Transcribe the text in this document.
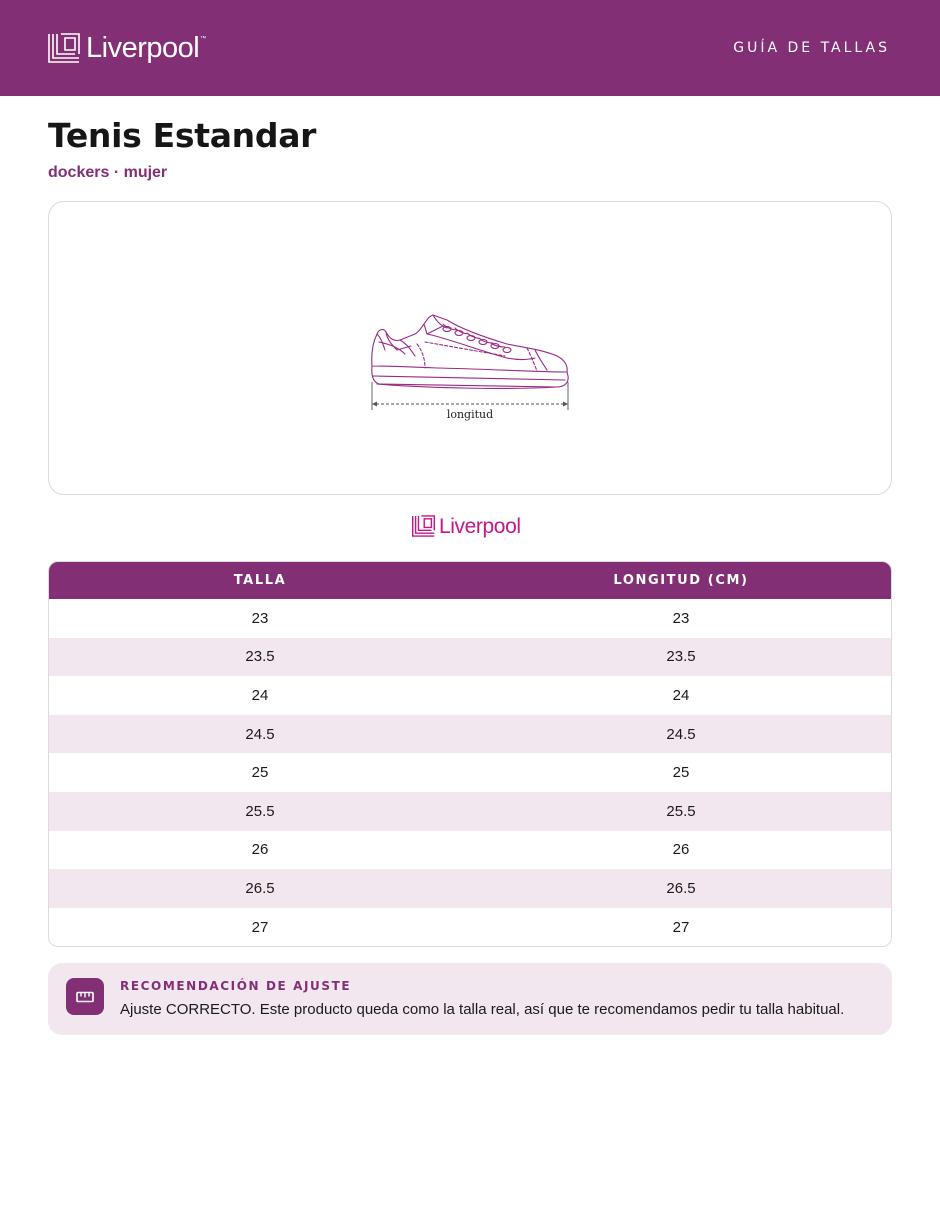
Liverpool ™
GUÍA DE TALLAS
Tenis Estandar
dockers · mujer
longitud
Liverpool
TALLA	LONGITUD (CM)
23	23
23.5	23.5
24	24
24.5	24.5
25	25
25.5	25.5
26	26
26.5	26.5
27	27
RECOMENDACIÓN DE AJUSTE
Ajuste CORRECTO. Este producto queda como la talla real, así que te recomendamos pedir tu talla habitual.
